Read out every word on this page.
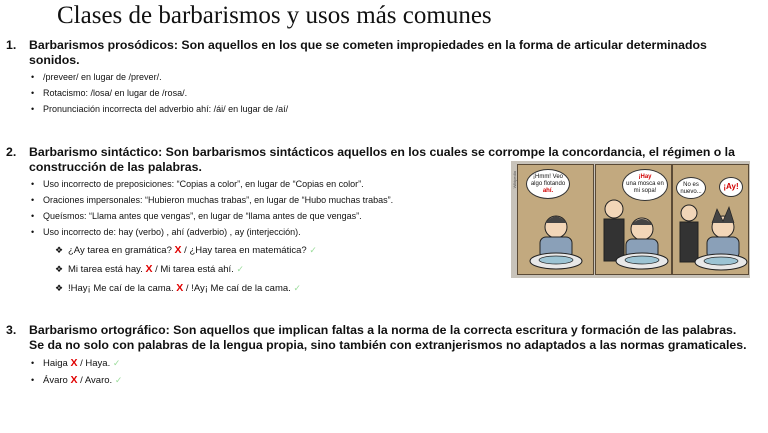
Clases de barbarismos y usos más comunes
1. Barbarismos prosódicos: Son aquellos en los que se cometen impropiedades en la forma de articular determinados
sonidos.
• /preveer/ en lugar de /prever/.
• Rotacismo: /losa/ en lugar de /rosa/.
• Pronunciación incorrecta del adverbio ahí: /ái/ en lugar de /aí/
2. Barbarismo sintáctico: Son barbarismos sintácticos aquellos en los cuales se corrompe la concordancia, el régimen o la
construcción de las palabras.
• Uso incorrecto de preposiciones: “Copias a color”, en lugar de “Copias en color”.
• Oraciones impersonales: “Hubieron muchas trabas”, en lugar de “Hubo muchas trabas”.
• Queísmos: “Llama antes que vengas”, en lugar de “llama antes de que vengas”.
• Uso incorrecto de: hay (verbo) , ahí (adverbio) , ay (interjección).
❖ ¿Ay tarea en gramática? X / ¿Hay tarea en matemática? ✓
❖ Mi tarea está hay. X / Mi tarea está ahí. ✓
❖ !Hay¡ Me caí de la cama. X / !Ay¡ Me caí de la cama. ✓
Wikipedia	¡Hmm! Veo
algo flotando
ahí.
¡Hay
una mosca en
mi sopa!
No es
nuevo...
¡Ay!
3. Barbarismo ortográfico: Son aquellos que implican faltas a la norma de la correcta escritura y formación de las palabras.
Se da no solo con palabras de la lengua propia, sino también con extranjerismos no adaptados a las normas gramaticales.
• Haiga X / Haya. ✓
• Ávaro X / Avaro. ✓
